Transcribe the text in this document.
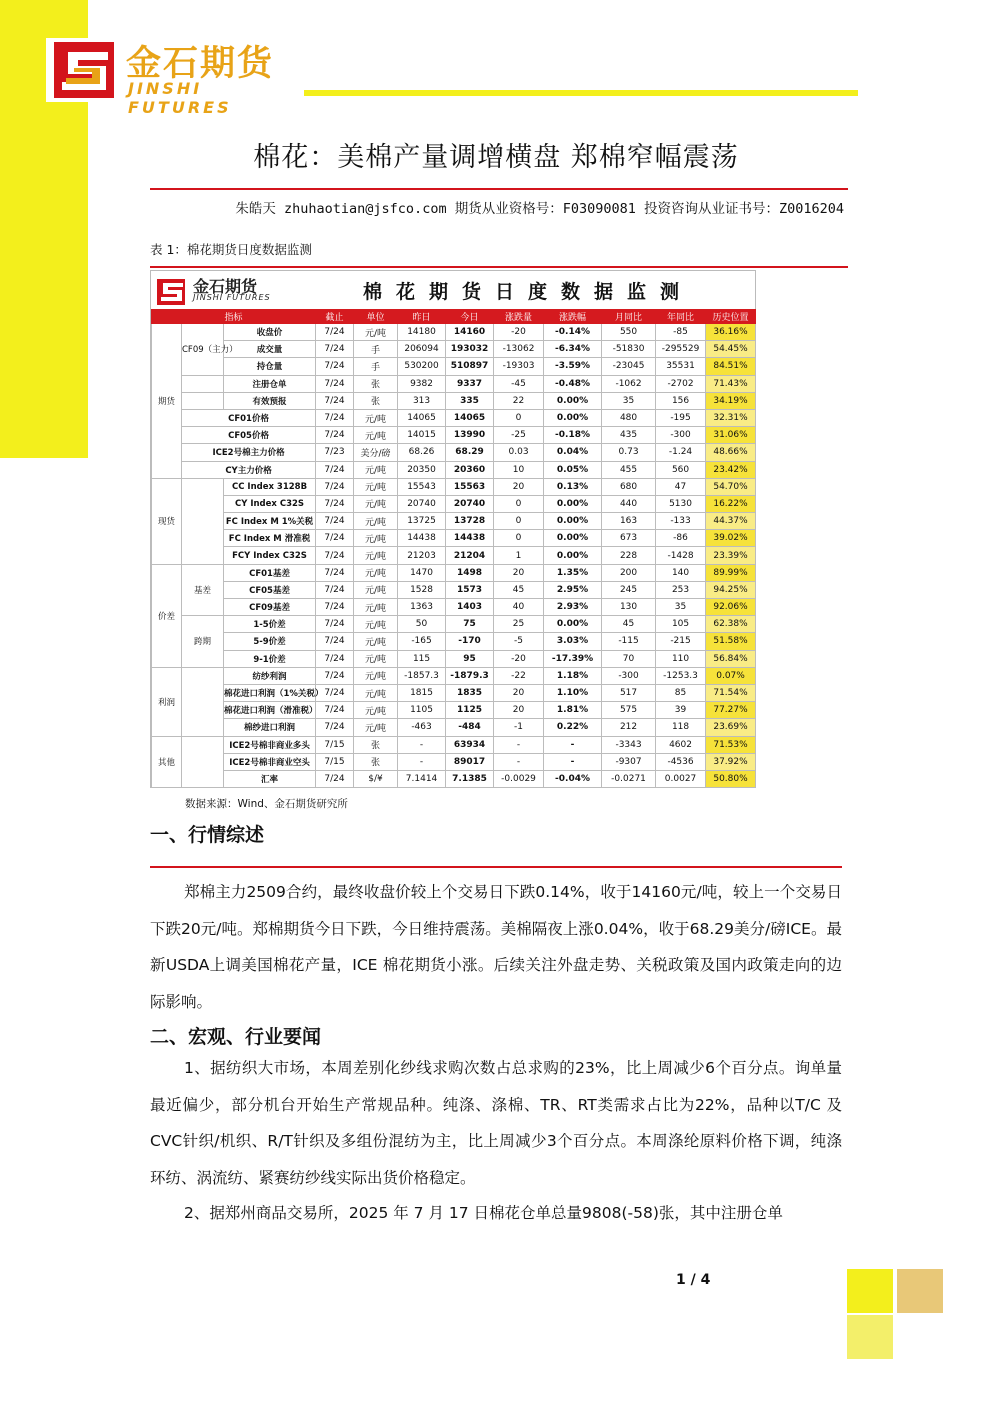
金石期货
JINSHI FUTURES
棉花：美棉产量调增横盘 郑棉窄幅震荡
朱皓天 zhuhaotian@jsfco.com 期货从业资格号：F03090081 投资咨询从业证书号：Z0016204
表 1：棉花期货日度数据监测
金石期货
JINSHI FUTURES	棉花期货日度数据监测
指标			截止	单位	昨日	今日	涨跌量	涨跌幅	月同比	年同比	历史位置
期货	CF09（主力）	收盘价	7/24	元/吨	14180	14160	-20	-0.14%	550	-85	36.16%
		成交量	7/24	手	206094	193032	-13062	-6.34%	-51830	-295529	54.45%
		持仓量	7/24	手	530200	510897	-19303	-3.59%	-23045	35531	84.51%
		注册仓单	7/24	张	9382	9337	-45	-0.48%	-1062	-2702	71.43%
		有效预报	7/24	张	313	335	22	0.00%	35	156	34.19%
	CF01价格		7/24	元/吨	14065	14065	0	0.00%	480	-195	32.31%
	CF05价格		7/24	元/吨	14015	13990	-25	-0.18%	435	-300	31.06%
	ICE2号棉主力价格		7/23	美分/磅	68.26	68.29	0.03	0.04%	0.73	-1.24	48.66%
	CY主力价格		7/24	元/吨	20350	20360	10	0.05%	455	560	23.42%
现货		CC Index 3128B	7/24	元/吨	15543	15563	20	0.13%	680	47	54.70%
		CY Index C32S	7/24	元/吨	20740	20740	0	0.00%	440	5130	16.22%
		FC Index M 1%关税	7/24	元/吨	13725	13728	0	0.00%	163	-133	44.37%
		FC Index M 滑准税	7/24	元/吨	14438	14438	0	0.00%	673	-86	39.02%
		FCY Index C32S	7/24	元/吨	21203	21204	1	0.00%	228	-1428	23.39%
价差	基差	CF01基差	7/24	元/吨	1470	1498	20	1.35%	200	140	89.99%
		CF05基差	7/24	元/吨	1528	1573	45	2.95%	245	253	94.25%
		CF09基差	7/24	元/吨	1363	1403	40	2.93%	130	35	92.06%
	跨期	1-5价差	7/24	元/吨	50	75	25	0.00%	45	105	62.38%
		5-9价差	7/24	元/吨	-165	-170	-5	3.03%	-115	-215	51.58%
		9-1价差	7/24	元/吨	115	95	-20	-17.39%	70	110	56.84%
利润		纺纱利润	7/24	元/吨	-1857.3	-1879.3	-22	1.18%	-300	-1253.3	0.07%
		棉花进口利润（1%关税）	7/24	元/吨	1815	1835	20	1.10%	517	85	71.54%
		棉花进口利润（滑准税）	7/24	元/吨	1105	1125	20	1.81%	575	39	77.27%
		棉纱进口利润	7/24	元/吨	-463	-484	-1	0.22%	212	118	23.69%
其他		ICE2号棉非商业多头	7/15	张	-	63934	-	-	-3343	4602	71.53%
		ICE2号棉非商业空头	7/15	张	-	89017	-	-	-9307	-4536	37.92%
		汇率	7/24	$/¥	7.1414	7.1385	-0.0029	-0.04%	-0.0271	0.0027	50.80%
数据来源：Wind、金石期货研究所
一、行情综述
郑棉主力2509合约，最终收盘价较上个交易日下跌0.14%，收于14160元/吨，较上一个交易日下跌20元/吨。郑棉期货今日下跌，今日维持震荡。美棉隔夜上涨0.04%，收于68.29美分/磅ICE。最新USDA上调美国棉花产量，ICE 棉花期货小涨。后续关注外盘走势、关税政策及国内政策走向的边际影响。
二、宏观、行业要闻
1、据纺织大市场，本周差别化纱线求购次数占总求购的23%，比上周减少6个百分点。询单量最近偏少，部分机台开始生产常规品种。纯涤、涤棉、TR、RT类需求占比为22%，品种以T/C 及CVC针织/机织、R/T针织及多组份混纺为主，比上周减少3个百分点。本周涤纶原料价格下调，纯涤环纺、涡流纺、紧赛纺纱线实际出货价格稳定。
2、据郑州商品交易所，2025 年 7 月 17 日棉花仓单总量9808(-58)张，其中注册仓单
1 / 4
